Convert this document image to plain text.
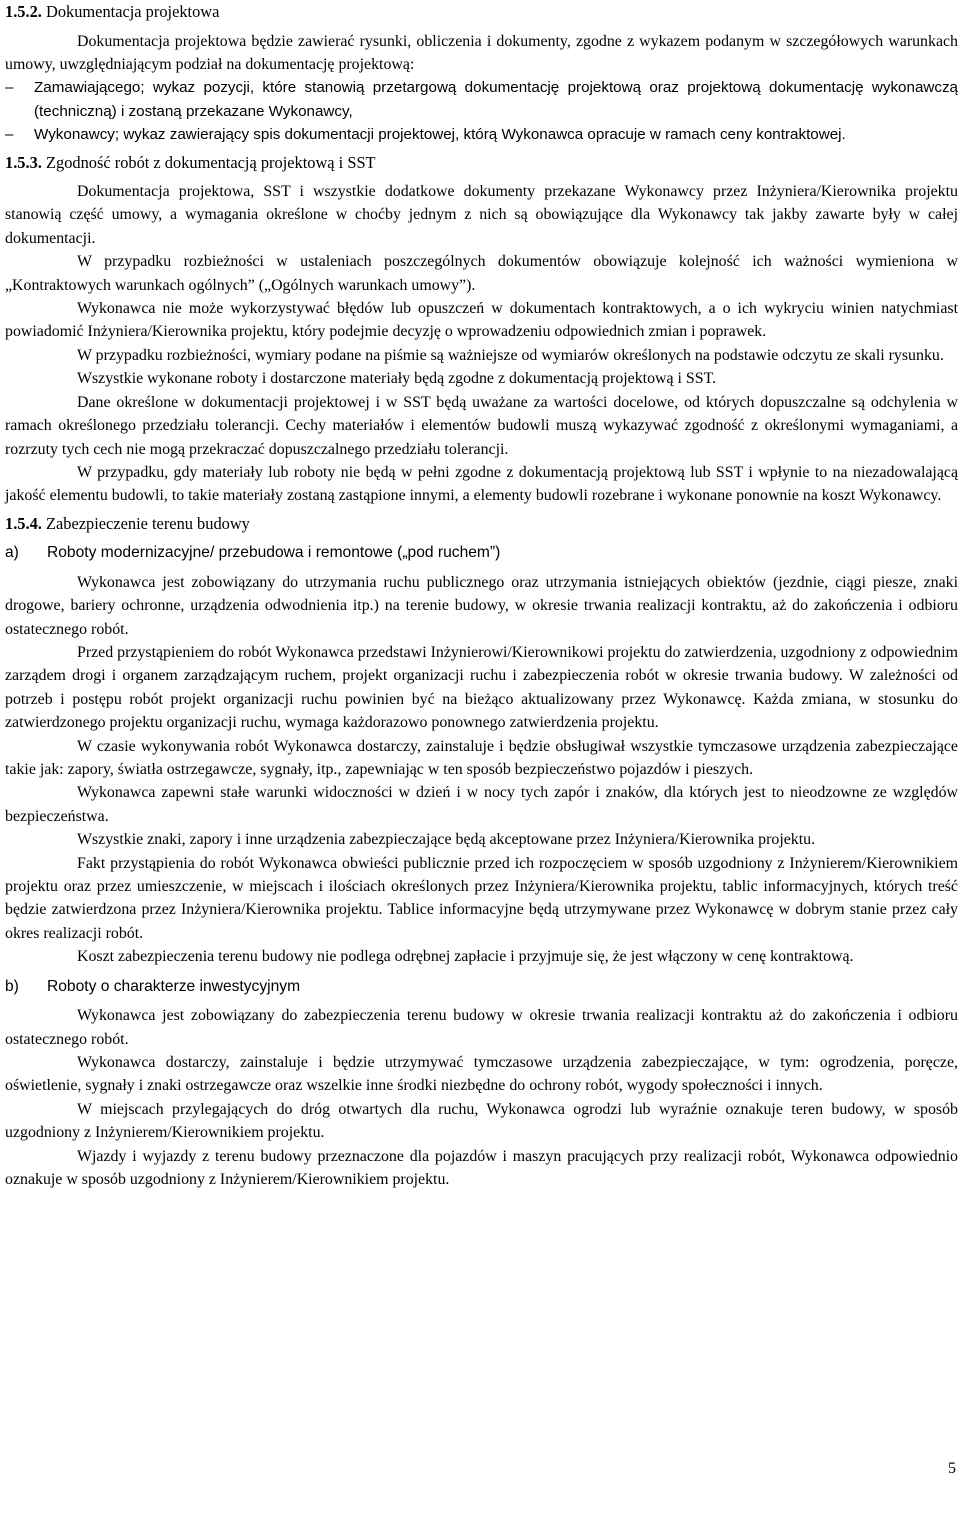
1.5.2. Dokumentacja projektowa

Dokumentacja projektowa będzie zawierać rysunki, obliczenia i dokumenty, zgodne z wykazem podanym w szczegółowych warunkach umowy, uwzględniającym podział na dokumentację projektową:

– Zamawiającego; wykaz pozycji, które stanowią przetargową dokumentację projektową oraz projektową dokumentację wykonawczą (techniczną) i zostaną przekazane Wykonawcy,

– Wykonawcy; wykaz zawierający spis dokumentacji projektowej, którą Wykonawca opracuje w ramach ceny kontraktowej.

1.5.3. Zgodność robót z dokumentacją projektową i SST

Dokumentacja projektowa, SST i wszystkie dodatkowe dokumenty przekazane Wykonawcy przez Inżyniera/Kierownika projektu stanowią część umowy, a wymagania określone w choćby jednym z nich są obowiązujące dla Wykonawcy tak jakby zawarte były w całej dokumentacji.

W przypadku rozbieżności w ustaleniach poszczególnych dokumentów obowiązuje kolejność ich ważności wymieniona w „Kontraktowych warunkach ogólnych” („Ogólnych warunkach umowy”).

Wykonawca nie może wykorzystywać błędów lub opuszczeń w dokumentach kontraktowych, a o ich wykryciu winien natychmiast powiadomić Inżyniera/Kierownika projektu, który podejmie decyzję o wprowadzeniu odpowiednich zmian i poprawek.

W przypadku rozbieżności, wymiary podane na piśmie są ważniejsze od wymiarów określonych na podstawie odczytu ze skali rysunku.

Wszystkie wykonane roboty i dostarczone materiały będą zgodne z dokumentacją projektową i SST.

Dane określone w dokumentacji projektowej i w SST będą uważane za wartości docelowe, od których dopuszczalne są odchylenia w ramach określonego przedziału tolerancji. Cechy materiałów i elementów budowli muszą wykazywać zgodność z określonymi wymaganiami, a rozrzuty tych cech nie mogą przekraczać dopuszczalnego przedziału tolerancji.

W przypadku, gdy materiały lub roboty nie będą w pełni zgodne z dokumentacją projektową lub SST i wpłynie to na niezadowalającą jakość elementu budowli, to takie materiały zostaną zastąpione innymi, a elementy budowli rozebrane i wykonane ponownie na koszt Wykonawcy.

1.5.4. Zabezpieczenie terenu budowy

a) Roboty modernizacyjne/ przebudowa i remontowe („pod ruchem”)

Wykonawca jest zobowiązany do utrzymania ruchu publicznego oraz utrzymania istniejących obiektów (jezdnie, ciągi piesze, znaki drogowe, bariery ochronne, urządzenia odwodnienia itp.) na terenie budowy, w okresie trwania realizacji kontraktu, aż do zakończenia i odbioru ostatecznego robót.

Przed przystąpieniem do robót Wykonawca przedstawi Inżynierowi/Kierownikowi projektu do zatwierdzenia, uzgodniony z odpowiednim zarządem drogi i organem zarządzającym ruchem, projekt organizacji ruchu i zabezpieczenia robót w okresie trwania budowy. W zależności od potrzeb i postępu robót projekt organizacji ruchu powinien być na bieżąco aktualizowany przez Wykonawcę. Każda zmiana, w stosunku do zatwierdzonego projektu organizacji ruchu, wymaga każdorazowo ponownego zatwierdzenia projektu.

W czasie wykonywania robót Wykonawca dostarczy, zainstaluje i będzie obsługiwał wszystkie tymczasowe urządzenia zabezpieczające takie jak: zapory, światła ostrzegawcze, sygnały, itp., zapewniając w ten sposób bezpieczeństwo pojazdów i pieszych.

Wykonawca zapewni stałe warunki widoczności w dzień i w nocy tych zapór i znaków, dla których jest to nieodzowne ze względów bezpieczeństwa.

Wszystkie znaki, zapory i inne urządzenia zabezpieczające będą akceptowane przez Inżyniera/Kierownika projektu.

Fakt przystąpienia do robót Wykonawca obwieści publicznie przed ich rozpoczęciem w sposób uzgodniony z Inżynierem/Kierownikiem projektu oraz przez umieszczenie, w miejscach i ilościach określonych przez Inżyniera/Kierownika projektu, tablic informacyjnych, których treść będzie zatwierdzona przez Inżyniera/Kierownika projektu. Tablice informacyjne będą utrzymywane przez Wykonawcę w dobrym stanie przez cały okres realizacji robót.

Koszt zabezpieczenia terenu budowy nie podlega odrębnej zapłacie i przyjmuje się, że jest włączony w cenę kontraktową.

b) Roboty o charakterze inwestycyjnym

Wykonawca jest zobowiązany do zabezpieczenia terenu budowy w okresie trwania realizacji kontraktu aż do zakończenia i odbioru ostatecznego robót.

Wykonawca dostarczy, zainstaluje i będzie utrzymywać tymczasowe urządzenia zabezpieczające, w tym: ogrodzenia, poręcze, oświetlenie, sygnały i znaki ostrzegawcze oraz wszelkie inne środki niezbędne do ochrony robót, wygody społeczności i innych.

W miejscach przylegających do dróg otwartych dla ruchu, Wykonawca ogrodzi lub wyraźnie oznakuje teren budowy, w sposób uzgodniony z Inżynierem/Kierownikiem projektu.

Wjazdy i wyjazdy z terenu budowy przeznaczone dla pojazdów i maszyn pracujących przy realizacji robót, Wykonawca odpowiednio oznakuje w sposób uzgodniony z Inżynierem/Kierownikiem projektu.

5
